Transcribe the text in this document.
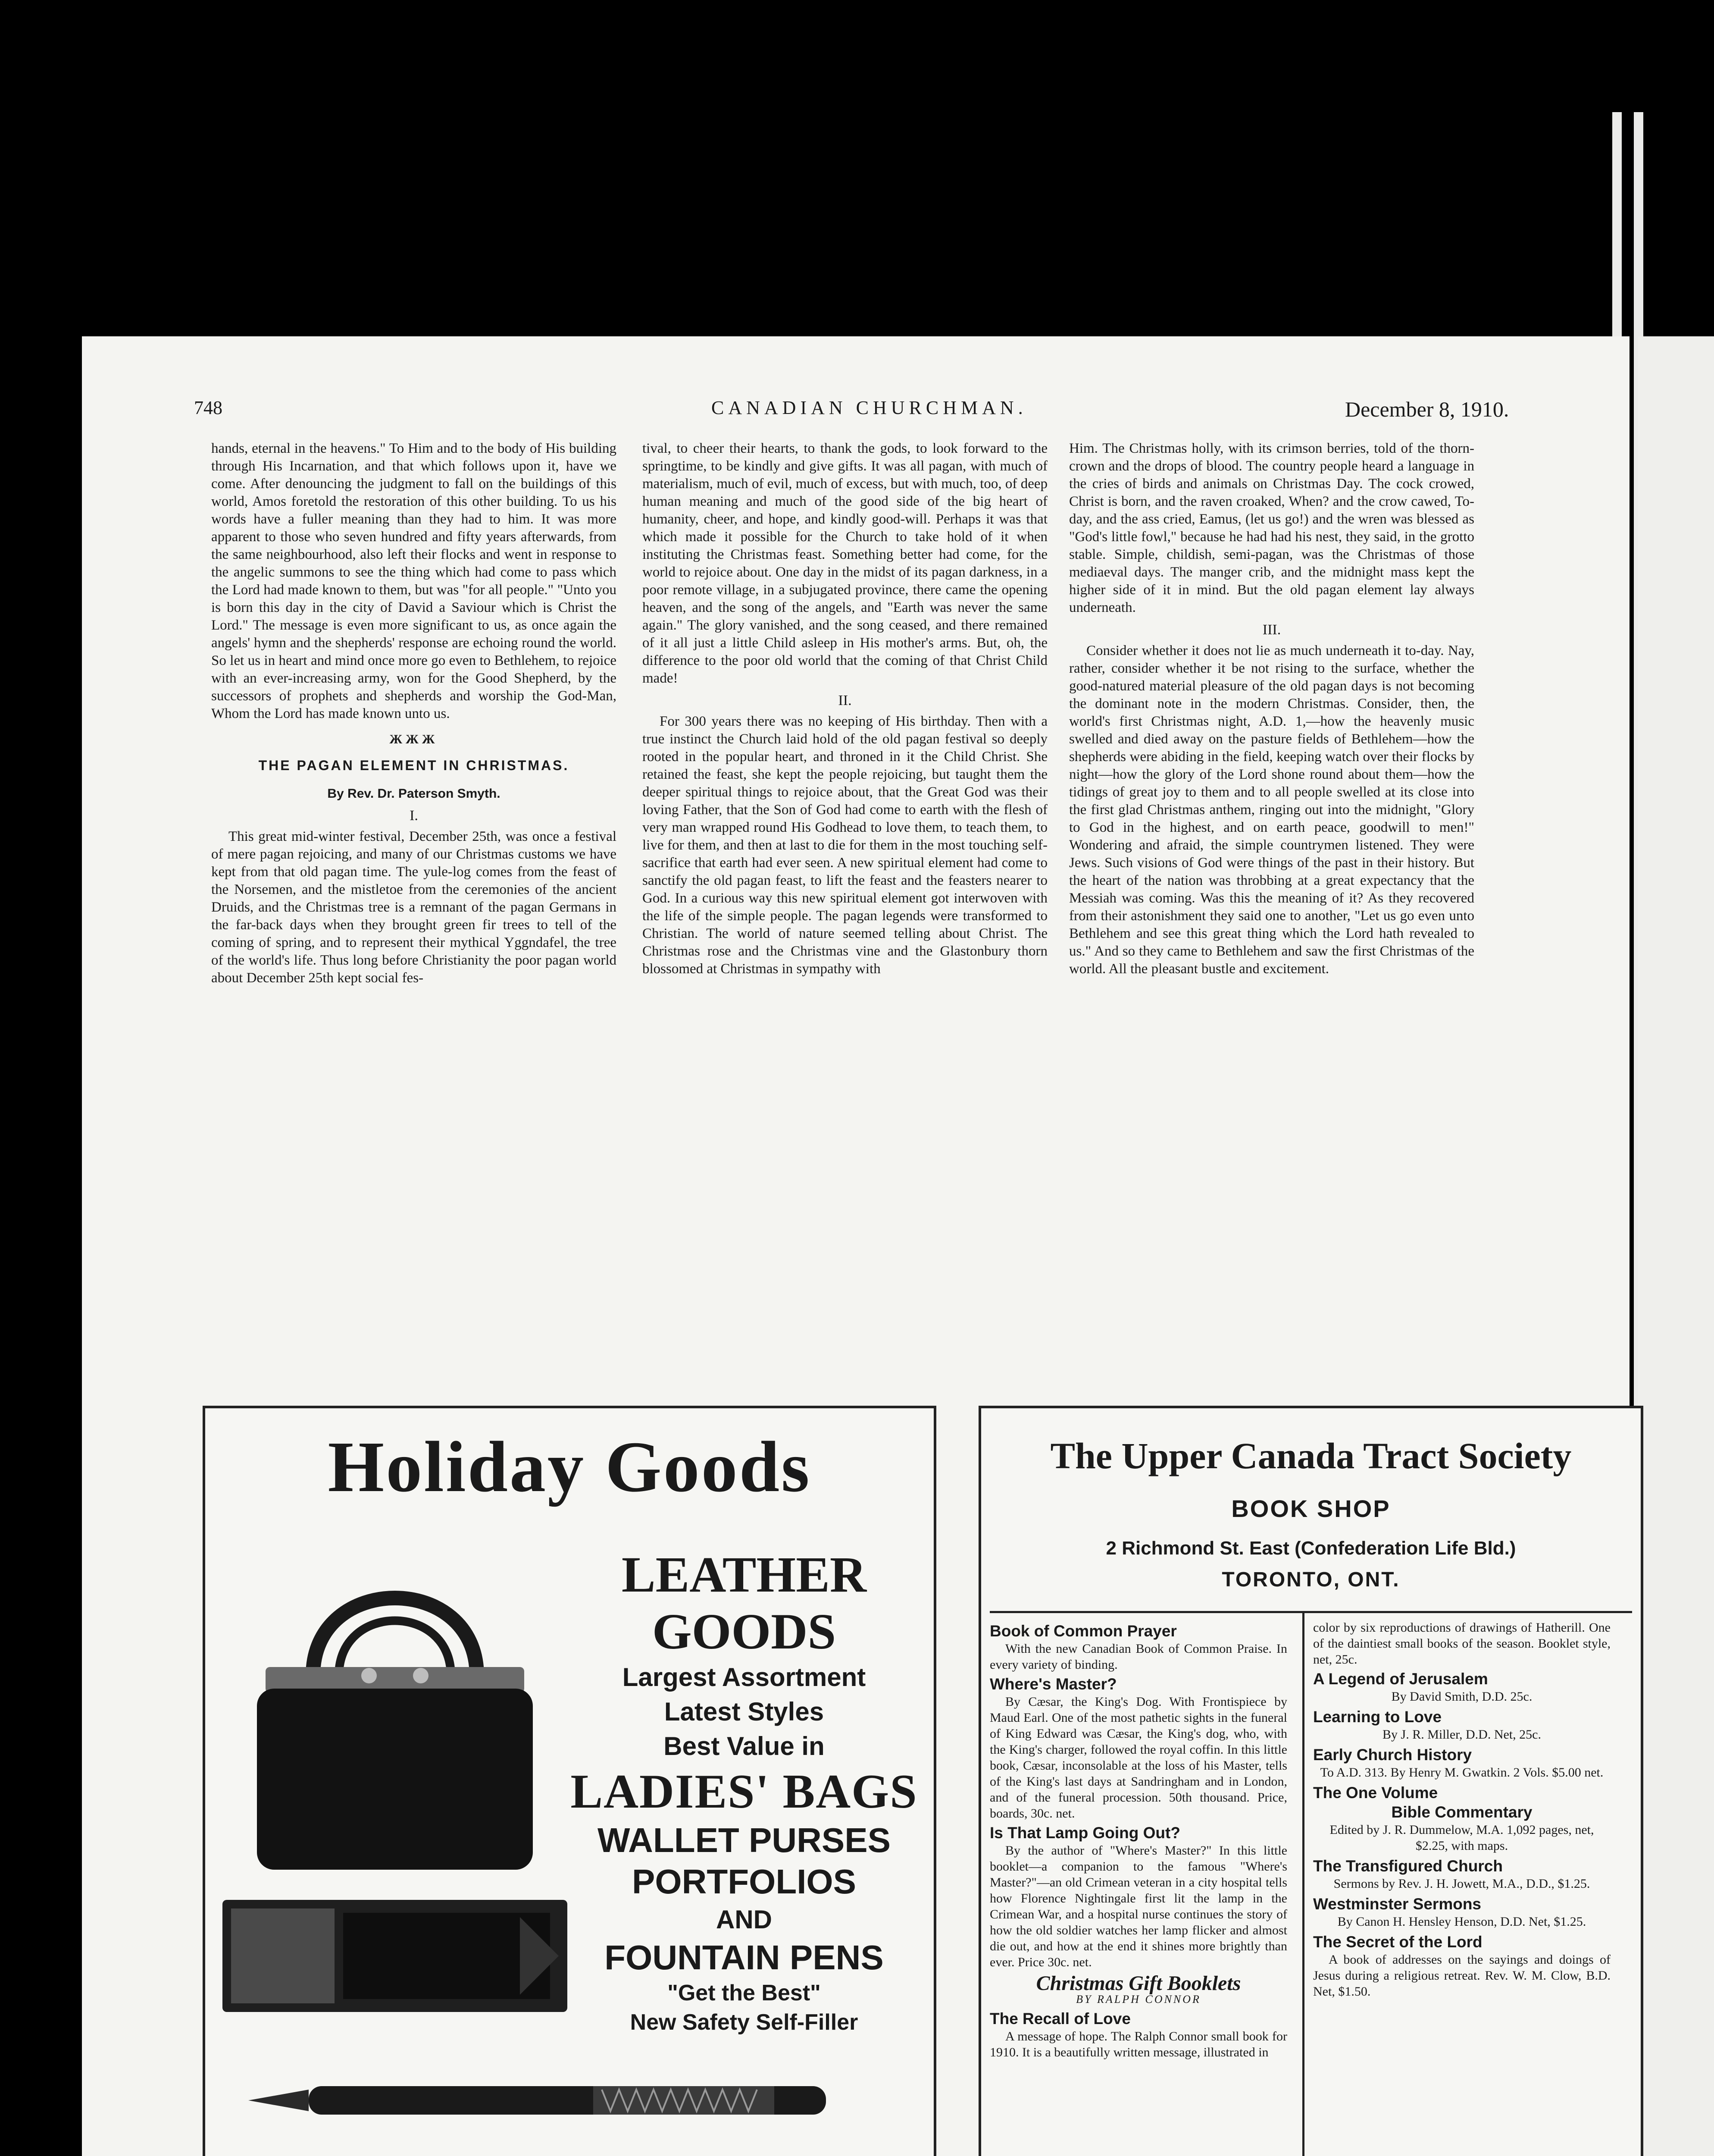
748	CANADIAN CHURCHMAN.	December 8, 1910.

hands, eternal in the heavens." To Him and to the body of His building through His Incarnation, and that which follows upon it, have we come. After denouncing the judgment to fall on the buildings of this world, Amos foretold the restoration of this other building. To us his words have a fuller meaning than they had to him. It was more apparent to those who seven hundred and fifty years afterwards, from the same neighbourhood, also left their flocks and went in response to the angelic summons to see the thing which had come to pass which the Lord had made known to them, but was "for all people." "Unto you is born this day in the city of David a Saviour which is Christ the Lord." The message is even more significant to us, as once again the angels' hymn and the shepherds' response are echoing round the world. So let us in heart and mind once more go even to Bethlehem, to rejoice with an ever-increasing army, won for the Good Shepherd, by the successors of prophets and shepherds and worship the God-Man, Whom the Lord has made known unto us.

ЖЖЖ
THE PAGAN ELEMENT IN CHRISTMAS.
By Rev. Dr. Paterson Smyth.
I.

This great mid-winter festival, December 25th, was once a festival of mere pagan rejoicing, and many of our Christmas customs we have kept from that old pagan time. The yule-log comes from the feast of the Norsemen, and the mistletoe from the ceremonies of the ancient Druids, and the Christmas tree is a remnant of the pagan Germans in the far-back days when they brought green fir trees to tell of the coming of spring, and to represent their mythical Yggndafel, the tree of the world's life. Thus long before Christianity the poor pagan world about December 25th kept social fes-

tival, to cheer their hearts, to thank the gods, to look forward to the springtime, to be kindly and give gifts. It was all pagan, with much of materialism, much of evil, much of excess, but with much, too, of deep human meaning and much of the good side of the big heart of humanity, cheer, and hope, and kindly good-will. Perhaps it was that which made it possible for the Church to take hold of it when instituting the Christmas feast. Something better had come, for the world to rejoice about. One day in the midst of its pagan darkness, in a poor remote village, in a subjugated province, there came the opening heaven, and the song of the angels, and "Earth was never the same again." The glory vanished, and the song ceased, and there remained of it all just a little Child asleep in His mother's arms. But, oh, the difference to the poor old world that the coming of that Christ Child made!

II.

For 300 years there was no keeping of His birthday. Then with a true instinct the Church laid hold of the old pagan festival so deeply rooted in the popular heart, and throned in it the Child Christ. She retained the feast, she kept the people rejoicing, but taught them the deeper spiritual things to rejoice about, that the Great God was their loving Father, that the Son of God had come to earth with the flesh of very man wrapped round His Godhead to love them, to teach them, to live for them, and then at last to die for them in the most touching self-sacrifice that earth had ever seen. A new spiritual element had come to sanctify the old pagan feast, to lift the feast and the feasters nearer to God. In a curious way this new spiritual element got interwoven with the life of the simple people. The pagan legends were transformed to Christian. The world of nature seemed telling about Christ. The Christmas rose and the Christmas vine and the Glastonbury thorn blossomed at Christmas in sympathy with

Him. The Christmas holly, with its crimson berries, told of the thorn-crown and the drops of blood. The country people heard a language in the cries of birds and animals on Christmas Day. The cock crowed, Christ is born, and the raven croaked, When? and the crow cawed, To-day, and the ass cried, Eamus, (let us go!) and the wren was blessed as "God's little fowl," because he had had his nest, they said, in the grotto stable. Simple, childish, semi-pagan, was the Christmas of those mediaeval days. The manger crib, and the midnight mass kept the higher side of it in mind. But the old pagan element lay always underneath.

III.

Consider whether it does not lie as much underneath it to-day. Nay, rather, consider whether it be not rising to the surface, whether the good-natured material pleasure of the old pagan days is not becoming the dominant note in the modern Christmas. Consider, then, the world's first Christmas night, A.D. 1,—how the heavenly music swelled and died away on the pasture fields of Bethlehem—how the shepherds were abiding in the field, keeping watch over their flocks by night—how the glory of the Lord shone round about them—how the tidings of great joy to them and to all people swelled at its close into the first glad Christmas anthem, ringing out into the midnight, "Glory to God in the highest, and on earth peace, goodwill to men!" Wondering and afraid, the simple countrymen listened. They were Jews. Such visions of God were things of the past in their history. But the heart of the nation was throbbing at a great expectancy that the Messiah was coming. Was this the meaning of it? As they recovered from their astonishment they said one to another, "Let us go even unto Bethlehem and see this great thing which the Lord hath revealed to us." And so they came to Bethlehem and saw the first Christmas of the world. All the pleasant bustle and excitement.

Holiday Goods
LEATHER
GOODS
Largest Assortment
Latest Styles
Best Value in
LADIES' BAGS
WALLET PURSES
PORTFOLIOS
AND
FOUNTAIN PENS
"Get the Best"
New Safety Self-Filler
The Upper Canada Tract Society
BOOK SHOP
2 Richmond St. East (Confederation Life Bld.)
TORONTO, ONT.
Book of Common Prayer

With the new Canadian Book of Common Praise. In every variety of binding.

Where's Master?

By Cæsar, the King's Dog. With Frontispiece by Maud Earl. One of the most pathetic sights in the funeral of King Edward was Cæsar, the King's dog, who, with the King's charger, followed the royal coffin. In this little book, Cæsar, inconsolable at the loss of his Master, tells of the King's last days at Sandringham and in London, and of the funeral procession. 50th thousand. Price, boards, 30c. net.

Is That Lamp Going Out?

By the author of "Where's Master?" In this little booklet—a companion to the famous "Where's Master?"—an old Crimean veteran in a city hospital tells how Florence Nightingale first lit the lamp in the Crimean War, and a hospital nurse continues the story of how the old soldier watches her lamp flicker and almost die out, and how at the end it shines more brightly than ever. Price 30c. net.

Christmas Gift Booklets
BY RALPH CONNOR
The Recall of Love

A message of hope. The Ralph Connor small book for 1910. It is a beautifully written message, illustrated in

color by six reproductions of drawings of Hatherill. One of the daintiest small books of the season. Booklet style, net, 25c.

A Legend of Jerusalem

By David Smith, D.D. 25c.

Learning to Love

By J. R. Miller, D.D. Net, 25c.

Early Church History

To A.D. 313. By Henry M. Gwatkin. 2 Vols. $5.00 net.

The One Volume
Bible Commentary

Edited by J. R. Dummelow, M.A. 1,092 pages, net, $2.25, with maps.

The Transfigured Church

Sermons by Rev. J. H. Jowett, M.A., D.D., $1.25.

Westminster Sermons

By Canon H. Hensley Henson, D.D. Net, $1.25.

The Secret of the Lord

A book of addresses on the sayings and doings of Jesus during a religious retreat. Rev. W. M. Clow, B.D. Net, $1.50.
